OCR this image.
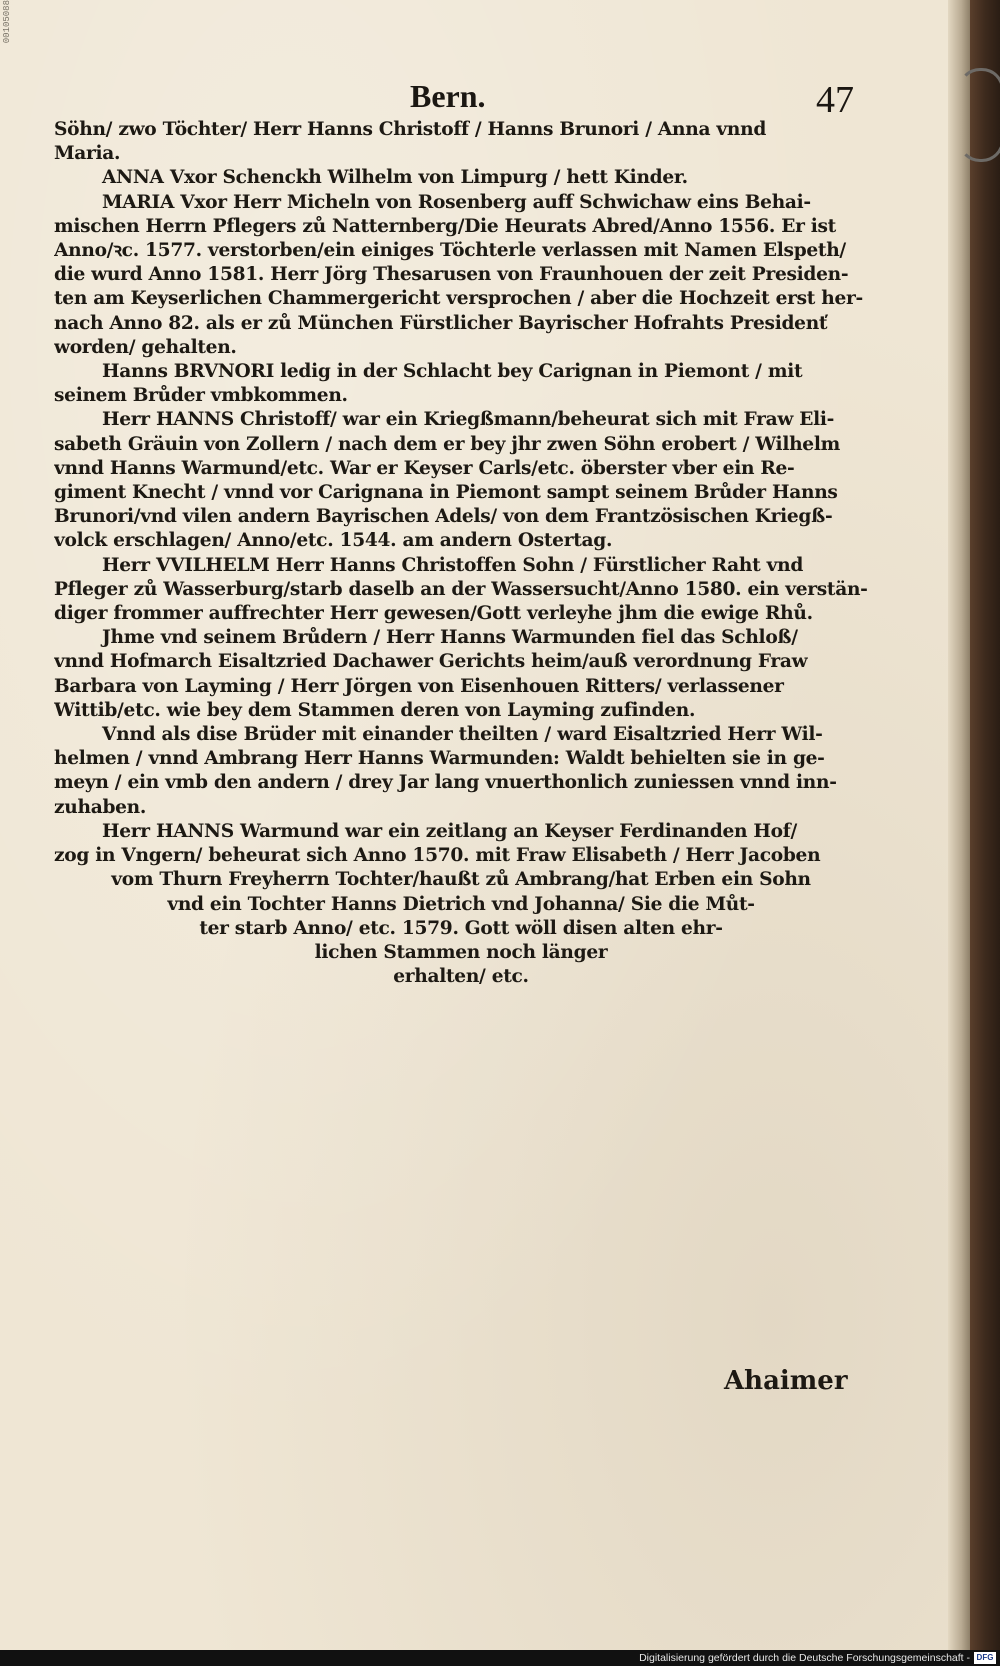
00105088
Bern.	47
Söhn/ zwo Töchter/ Herr Hanns Christoff / Hanns Brunori / Anna vnnd
Maria.
ANNA Vxor Schenckh Wilhelm von Limpurg / hett Kinder.
MARIA Vxor Herr Micheln von Rosenberg auff Schwichaw eins Behai-
mischen Herrn Pflegers zů Natternberg/Die Heurats Abred/Anno 1556. Er ist
Anno/ꝛc. 1577. verstorben/ein einiges Töchterle verlassen mit Namen Elspeth/
die wurd Anno 1581. Herr Jörg Thesarusen von Fraunhouen der zeit Presiden-
ten am Keyserlichen Chammergericht versprochen / aber die Hochzeit erst her-
nach Anno 82. als er zů München Fürstlicher Bayrischer Hofrahts Presidenť
worden/ gehalten.
Hanns BRVNORI ledig in der Schlacht bey Carignan in Piemont / mit
seinem Brůder vmbkommen.
Herr HANNS Christoff/ war ein Kriegßmann/beheurat sich mit Fraw Eli-
sabeth Gräuin von Zollern / nach dem er bey jhr zwen Söhn erobert / Wilhelm
vnnd Hanns Warmund/etc. War er Keyser Carls/etc. öberster vber ein Re-
giment Knecht / vnnd vor Carignana in Piemont sampt seinem Brůder Hanns
Brunori/vnd vilen andern Bayrischen Adels/ von dem Frantzösischen Kriegß-
volck erschlagen/ Anno/etc. 1544. am andern Ostertag.
Herr VVILHELM Herr Hanns Christoffen Sohn / Fürstlicher Raht vnd
Pfleger zů Wasserburg/starb daselb an der Wassersucht/Anno 1580. ein verstän-
diger frommer auffrechter Herr gewesen/Gott verleyhe jhm die ewige Rhů.
Jhme vnd seinem Brůdern / Herr Hanns Warmunden fiel das Schloß/
vnnd Hofmarch Eisaltzried Dachawer Gerichts heim/auß verordnung Fraw
Barbara von Layming / Herr Jörgen von Eisenhouen Ritters/ verlassener
Wittib/etc. wie bey dem Stammen deren von Layming zufinden.
Vnnd als dise Brüder mit einander theilten / ward Eisaltzried Herr Wil-
helmen / vnnd Ambrang Herr Hanns Warmunden: Waldt behielten sie in ge-
meyn / ein vmb den andern / drey Jar lang vnuerthonlich zuniessen vnnd inn-
zuhaben.
Herr HANNS Warmund war ein zeitlang an Keyser Ferdinanden Hof/
zog in Vngern/ beheurat sich Anno 1570. mit Fraw Elisabeth / Herr Jacoben
vom Thurn Freyherrn Tochter/haußt zů Ambrang/hat Erben ein Sohn
vnd ein Tochter Hanns Dietrich vnd Johanna/ Sie die Můt-
ter starb Anno/ etc. 1579. Gott wöll disen alten ehr-
lichen Stammen noch länger
erhalten/ etc.
Ahaimer
Digitalisierung gefördert durch die Deutsche Forschungsgemeinschaft - DFG
